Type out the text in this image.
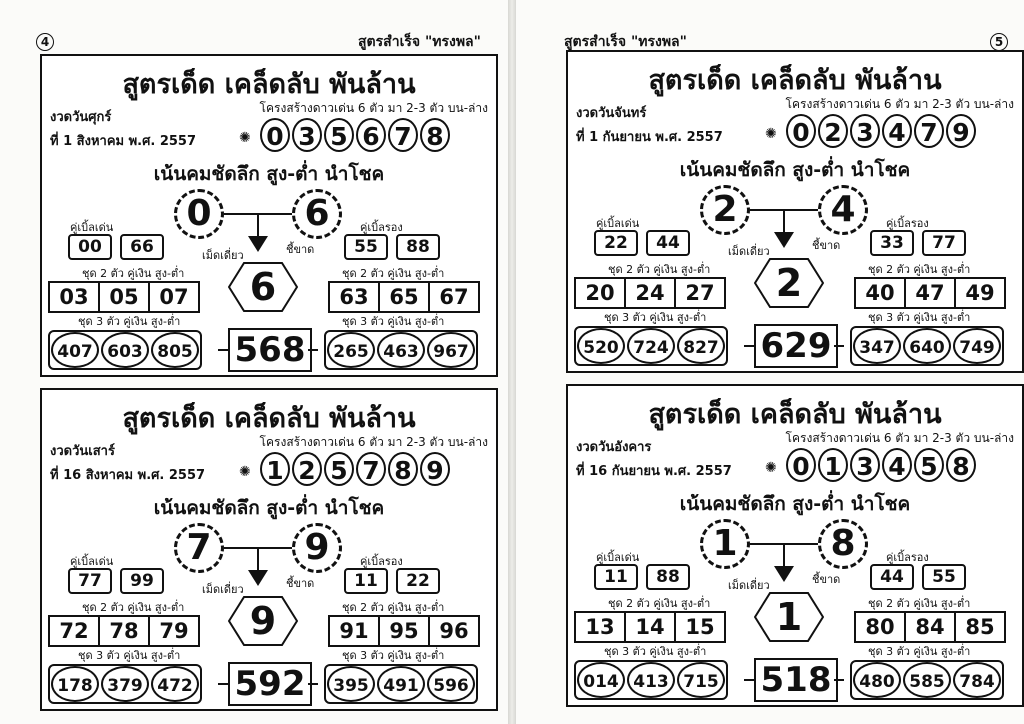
4	สูตรสำเร็จ "ทรงพล"	5
สูตรสำเร็จ "ทรงพล"
สูตรเด็ด เคล็ดลับ พันล้าน
โครงสร้างดาวเด่น 6 ตัว มา 2-3 ตัว บน-ล่าง
งวดวันศุกร์
ที่ 1 สิงหาคม พ.ศ. 2557	✺ 0 3 5 6 7 8
เน้นคมชัดลึก สูง-ต่ำ นำโชค
0	6
คู่เบิ้ลเด่น	คู่เบิ้ลรอง
เม็ดเดี่ยว	ชี้ขาด
00	66	55	88
ชุด 2 ตัว คู่เงิน สูง-ต่ำ	ชุด 2 ตัว คู่เงิน สูง-ต่ำ
03 05 07	63 65 67
6
ชุด 3 ตัว คู่เงิน สูง-ต่ำ	ชุด 3 ตัว คู่เงิน สูง-ต่ำ
407 603 805	265 463 967
568
สูตรเด็ด เคล็ดลับ พันล้าน
โครงสร้างดาวเด่น 6 ตัว มา 2-3 ตัว บน-ล่าง
งวดวันเสาร์
ที่ 16 สิงหาคม พ.ศ. 2557 ✺ 1 2 5 7 8 9
เน้นคมชัดลึก สูง-ต่ำ นำโชค
7	9
คู่เบิ้ลเด่น	คู่เบิ้ลรอง
เม็ดเดี่ยว	ชี้ขาด
77	99	11	22
ชุด 2 ตัว คู่เงิน สูง-ต่ำ	ชุด 2 ตัว คู่เงิน สูง-ต่ำ
72 78 79	91 95 96
9
ชุด 3 ตัว คู่เงิน สูง-ต่ำ	ชุด 3 ตัว คู่เงิน สูง-ต่ำ
178 379 472	395 491 596
592
สูตรเด็ด เคล็ดลับ พันล้าน
โครงสร้างดาวเด่น 6 ตัว มา 2-3 ตัว บน-ล่าง
งวดวันจันทร์
ที่ 1 กันยายน พ.ศ. 2557	✺ 0 2 3 4 7 9
เน้นคมชัดลึก สูง-ต่ำ นำโชค
2	4
คู่เบิ้ลเด่น	คู่เบิ้ลรอง
เม็ดเดี่ยว	ชี้ขาด
22	44	33	77
ชุด 2 ตัว คู่เงิน สูง-ต่ำ	ชุด 2 ตัว คู่เงิน สูง-ต่ำ
20 24 27	40 47 49
2
ชุด 3 ตัว คู่เงิน สูง-ต่ำ	ชุด 3 ตัว คู่เงิน สูง-ต่ำ
520 724 827	347 640 749
629
สูตรเด็ด เคล็ดลับ พันล้าน
โครงสร้างดาวเด่น 6 ตัว มา 2-3 ตัว บน-ล่าง
งวดวันอังคาร
ที่ 16 กันยายน พ.ศ. 2557 ✺ 0 1 3 4 5 8
เน้นคมชัดลึก สูง-ต่ำ นำโชค
1	8
คู่เบิ้ลเด่น	คู่เบิ้ลรอง
เม็ดเดี่ยว	ชี้ขาด
11	88	44	55
ชุด 2 ตัว คู่เงิน สูง-ต่ำ	ชุด 2 ตัว คู่เงิน สูง-ต่ำ
13 14 15	80 84 85
1
ชุด 3 ตัว คู่เงิน สูง-ต่ำ	ชุด 3 ตัว คู่เงิน สูง-ต่ำ
014 413 715	480 585 784
518
